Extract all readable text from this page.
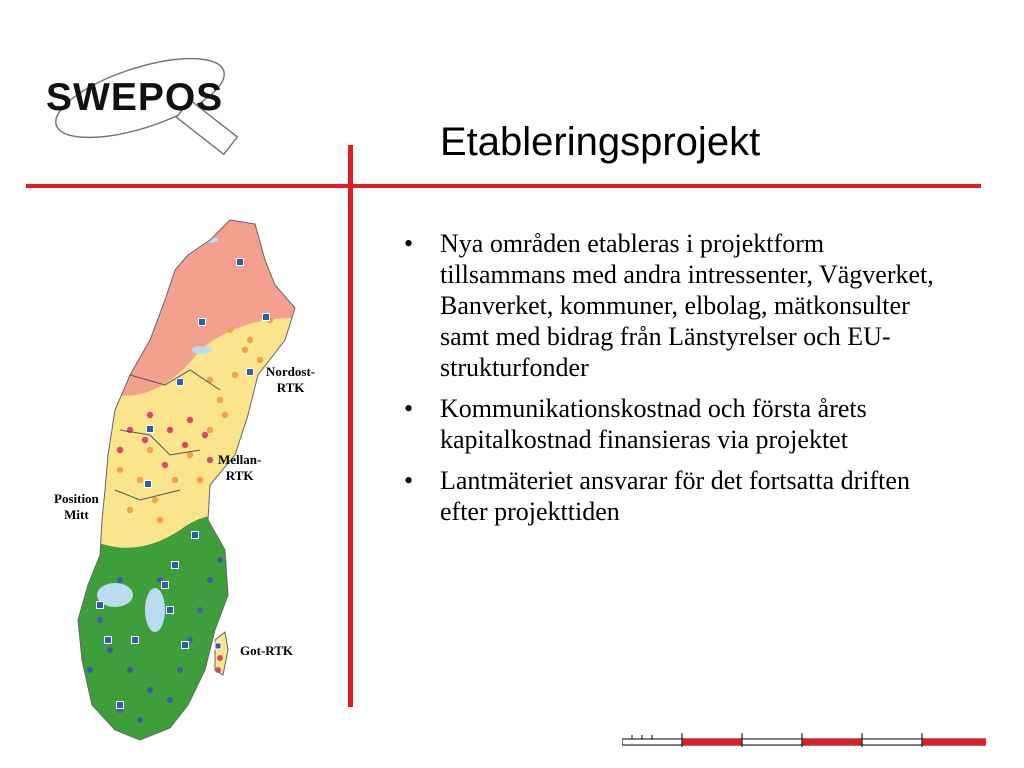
SWEPOS
Etableringsprojekt
• Nya områden etableras i projektform tillsammans med andra intressenter, Vägverket, Banverket, kommuner, elbolag, mätkonsulter samt med bidrag från Länstyrelser och EU-strukturfonder
• Kommunikationskostnad och första årets kapitalkostnad finansieras via projektet
• Lantmäteriet ansvarar för det fortsatta driften efter projekttiden
Nordost-
RTK
Mellan-
RTK
Position
Mitt
Got-RTK
